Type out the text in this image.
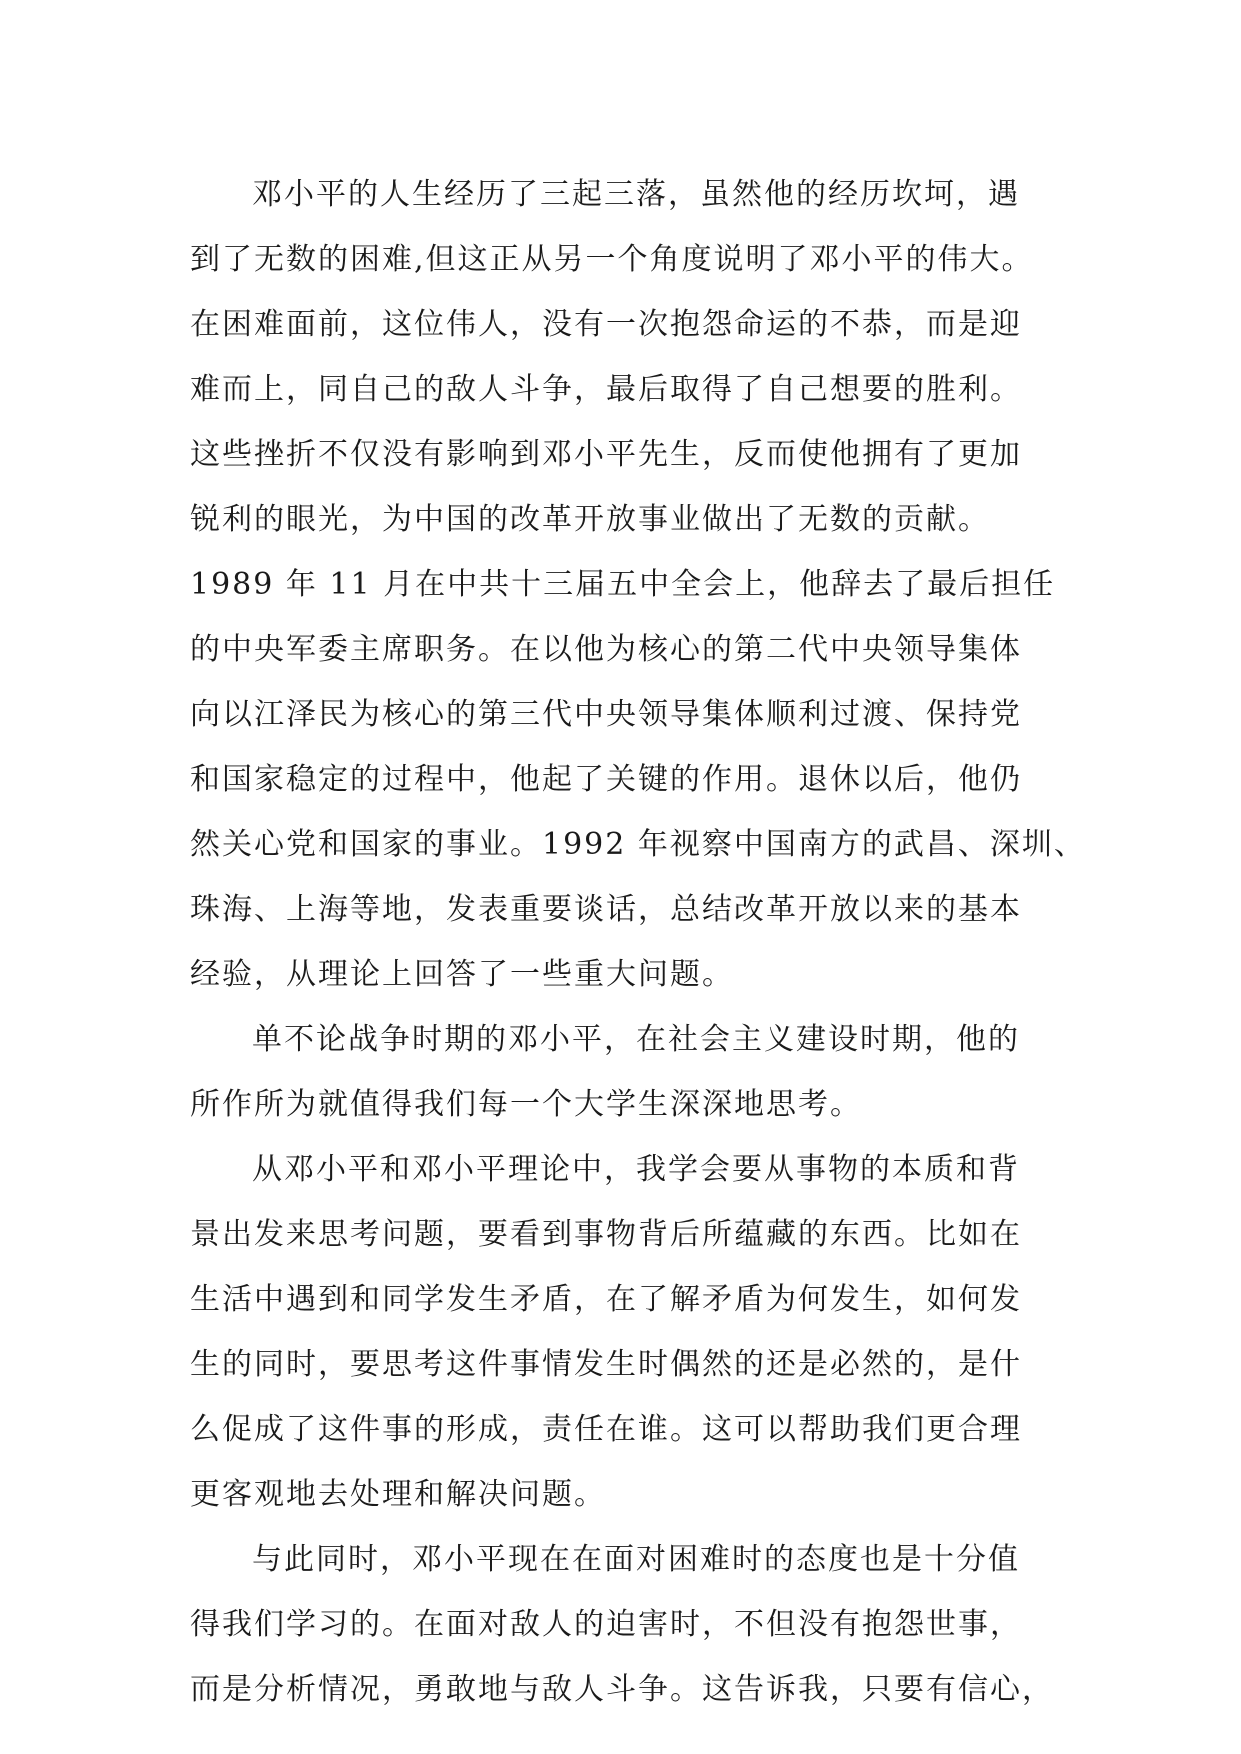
邓小平的人生经历了三起三落，虽然他的经历坎坷，遇
到了无数的困难,但这正从另一个角度说明了邓小平的伟大。
在困难面前，这位伟人，没有一次抱怨命运的不恭，而是迎
难而上，同自己的敌人斗争，最后取得了自己想要的胜利。
这些挫折不仅没有影响到邓小平先生，反而使他拥有了更加
锐利的眼光，为中国的改革开放事业做出了无数的贡献。
1989 年 11 月在中共十三届五中全会上，他辞去了最后担任
的中央军委主席职务。在以他为核心的第二代中央领导集体
向以江泽民为核心的第三代中央领导集体顺利过渡、保持党
和国家稳定的过程中，他起了关键的作用。退休以后，他仍
然关心党和国家的事业。1992 年视察中国南方的武昌、深圳、
珠海、上海等地，发表重要谈话，总结改革开放以来的基本
经验，从理论上回答了一些重大问题。
单不论战争时期的邓小平，在社会主义建设时期，他的
所作所为就值得我们每一个大学生深深地思考。
从邓小平和邓小平理论中，我学会要从事物的本质和背
景出发来思考问题，要看到事物背后所蕴藏的东西。比如在
生活中遇到和同学发生矛盾，在了解矛盾为何发生，如何发
生的同时，要思考这件事情发生时偶然的还是必然的，是什
么促成了这件事的形成，责任在谁。这可以帮助我们更合理
更客观地去处理和解决问题。
与此同时，邓小平现在在面对困难时的态度也是十分值
得我们学习的。在面对敌人的迫害时，不但没有抱怨世事，
而是分析情况，勇敢地与敌人斗争。这告诉我，只要有信心，
